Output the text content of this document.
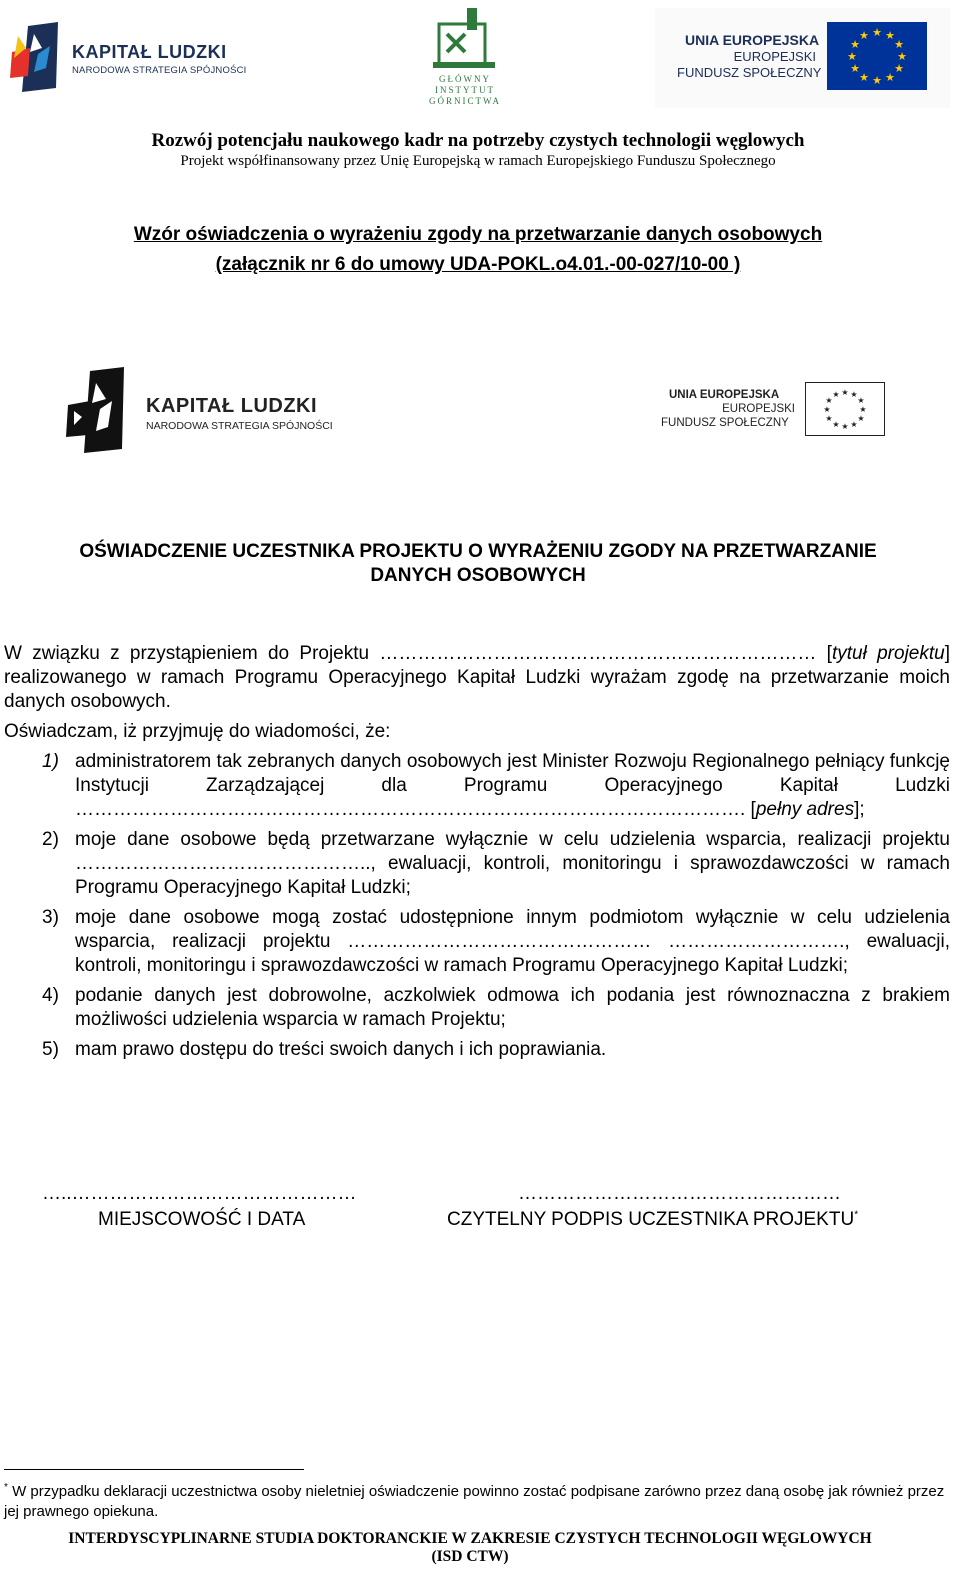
KAPITAŁ LUDZKI
NARODOWA STRATEGIA SPÓJNOŚCI
GŁÓWNY
INSTYTUT
GÓRNICTWA
UNIA EUROPEJSKA
EUROPEJSKI
FUNDUSZ SPOŁECZNY
★ ★
★
★
★
★
★
★
★
★
★
★
Rozwój potencjału naukowego kadr na potrzeby czystych technologii węglowych
Projekt współfinansowany przez Unię Europejską w ramach Europejskiego Funduszu Społecznego
Wzór oświadczenia o wyrażeniu zgody na przetwarzanie danych osobowych
(załącznik nr 6 do umowy UDA-POKL.o4.01.-00-027/10-00 )
KAPITAŁ LUDZKI
NARODOWA STRATEGIA SPÓJNOŚCI
UNIA EUROPEJSKA
EUROPEJSKI
FUNDUSZ SPOŁECZNY
★ ★
★
★
★
★
★
★
★
★
★
★
OŚWIADCZENIE UCZESTNIKA PROJEKTU O WYRAŻENIU ZGODY NA PRZETWARZANIE
DANYCH OSOBOWYCH
W związku z przystąpieniem do Projektu …………………………………………………………… [tytuł projektu] realizowanego w ramach Programu Operacyjnego Kapitał Ludzki wyrażam zgodę na przetwarzanie moich danych osobowych.
Oświadczam, iż przyjmuję do wiadomości, że:
1) administratorem tak zebranych danych osobowych jest Minister Rozwoju Regionalnego pełniący funkcję Instytucji Zarządzającej dla Programu Operacyjnego Kapitał Ludzki ……………………………………………………………………………………………. [pełny adres];
2) moje dane osobowe będą przetwarzane wyłącznie w celu udzielenia wsparcia, realizacji projektu ……………………………………….., ewaluacji, kontroli, monitoringu i sprawozdawczości w ramach Programu Operacyjnego Kapitał Ludzki;
3) moje dane osobowe mogą zostać udostępnione innym podmiotom wyłącznie w celu udzielenia wsparcia, realizacji projektu ………………………………………… ………………………., ewaluacji, kontroli, monitoringu i sprawozdawczości w ramach Programu Operacyjnego Kapitał Ludzki;
4) podanie danych jest dobrowolne, aczkolwiek odmowa ich podania jest równoznaczna z brakiem możliwości udzielenia wsparcia w ramach Projektu;
5) mam prawo dostępu do treści swoich danych i ich poprawiania.
…..………………………………………	……………………………………………
MIEJSCOWOŚĆ I DATA	CZYTELNY PODPIS UCZESTNIKA PROJEKTU*
* W przypadku deklaracji uczestnictwa osoby nieletniej oświadczenie powinno zostać podpisane zarówno przez daną osobę jak również przez jej prawnego opiekuna.
INTERDYSCYPLINARNE STUDIA DOKTORANCKIE W ZAKRESIE CZYSTYCH TECHNOLOGII WĘGLOWYCH
(ISD CTW)
